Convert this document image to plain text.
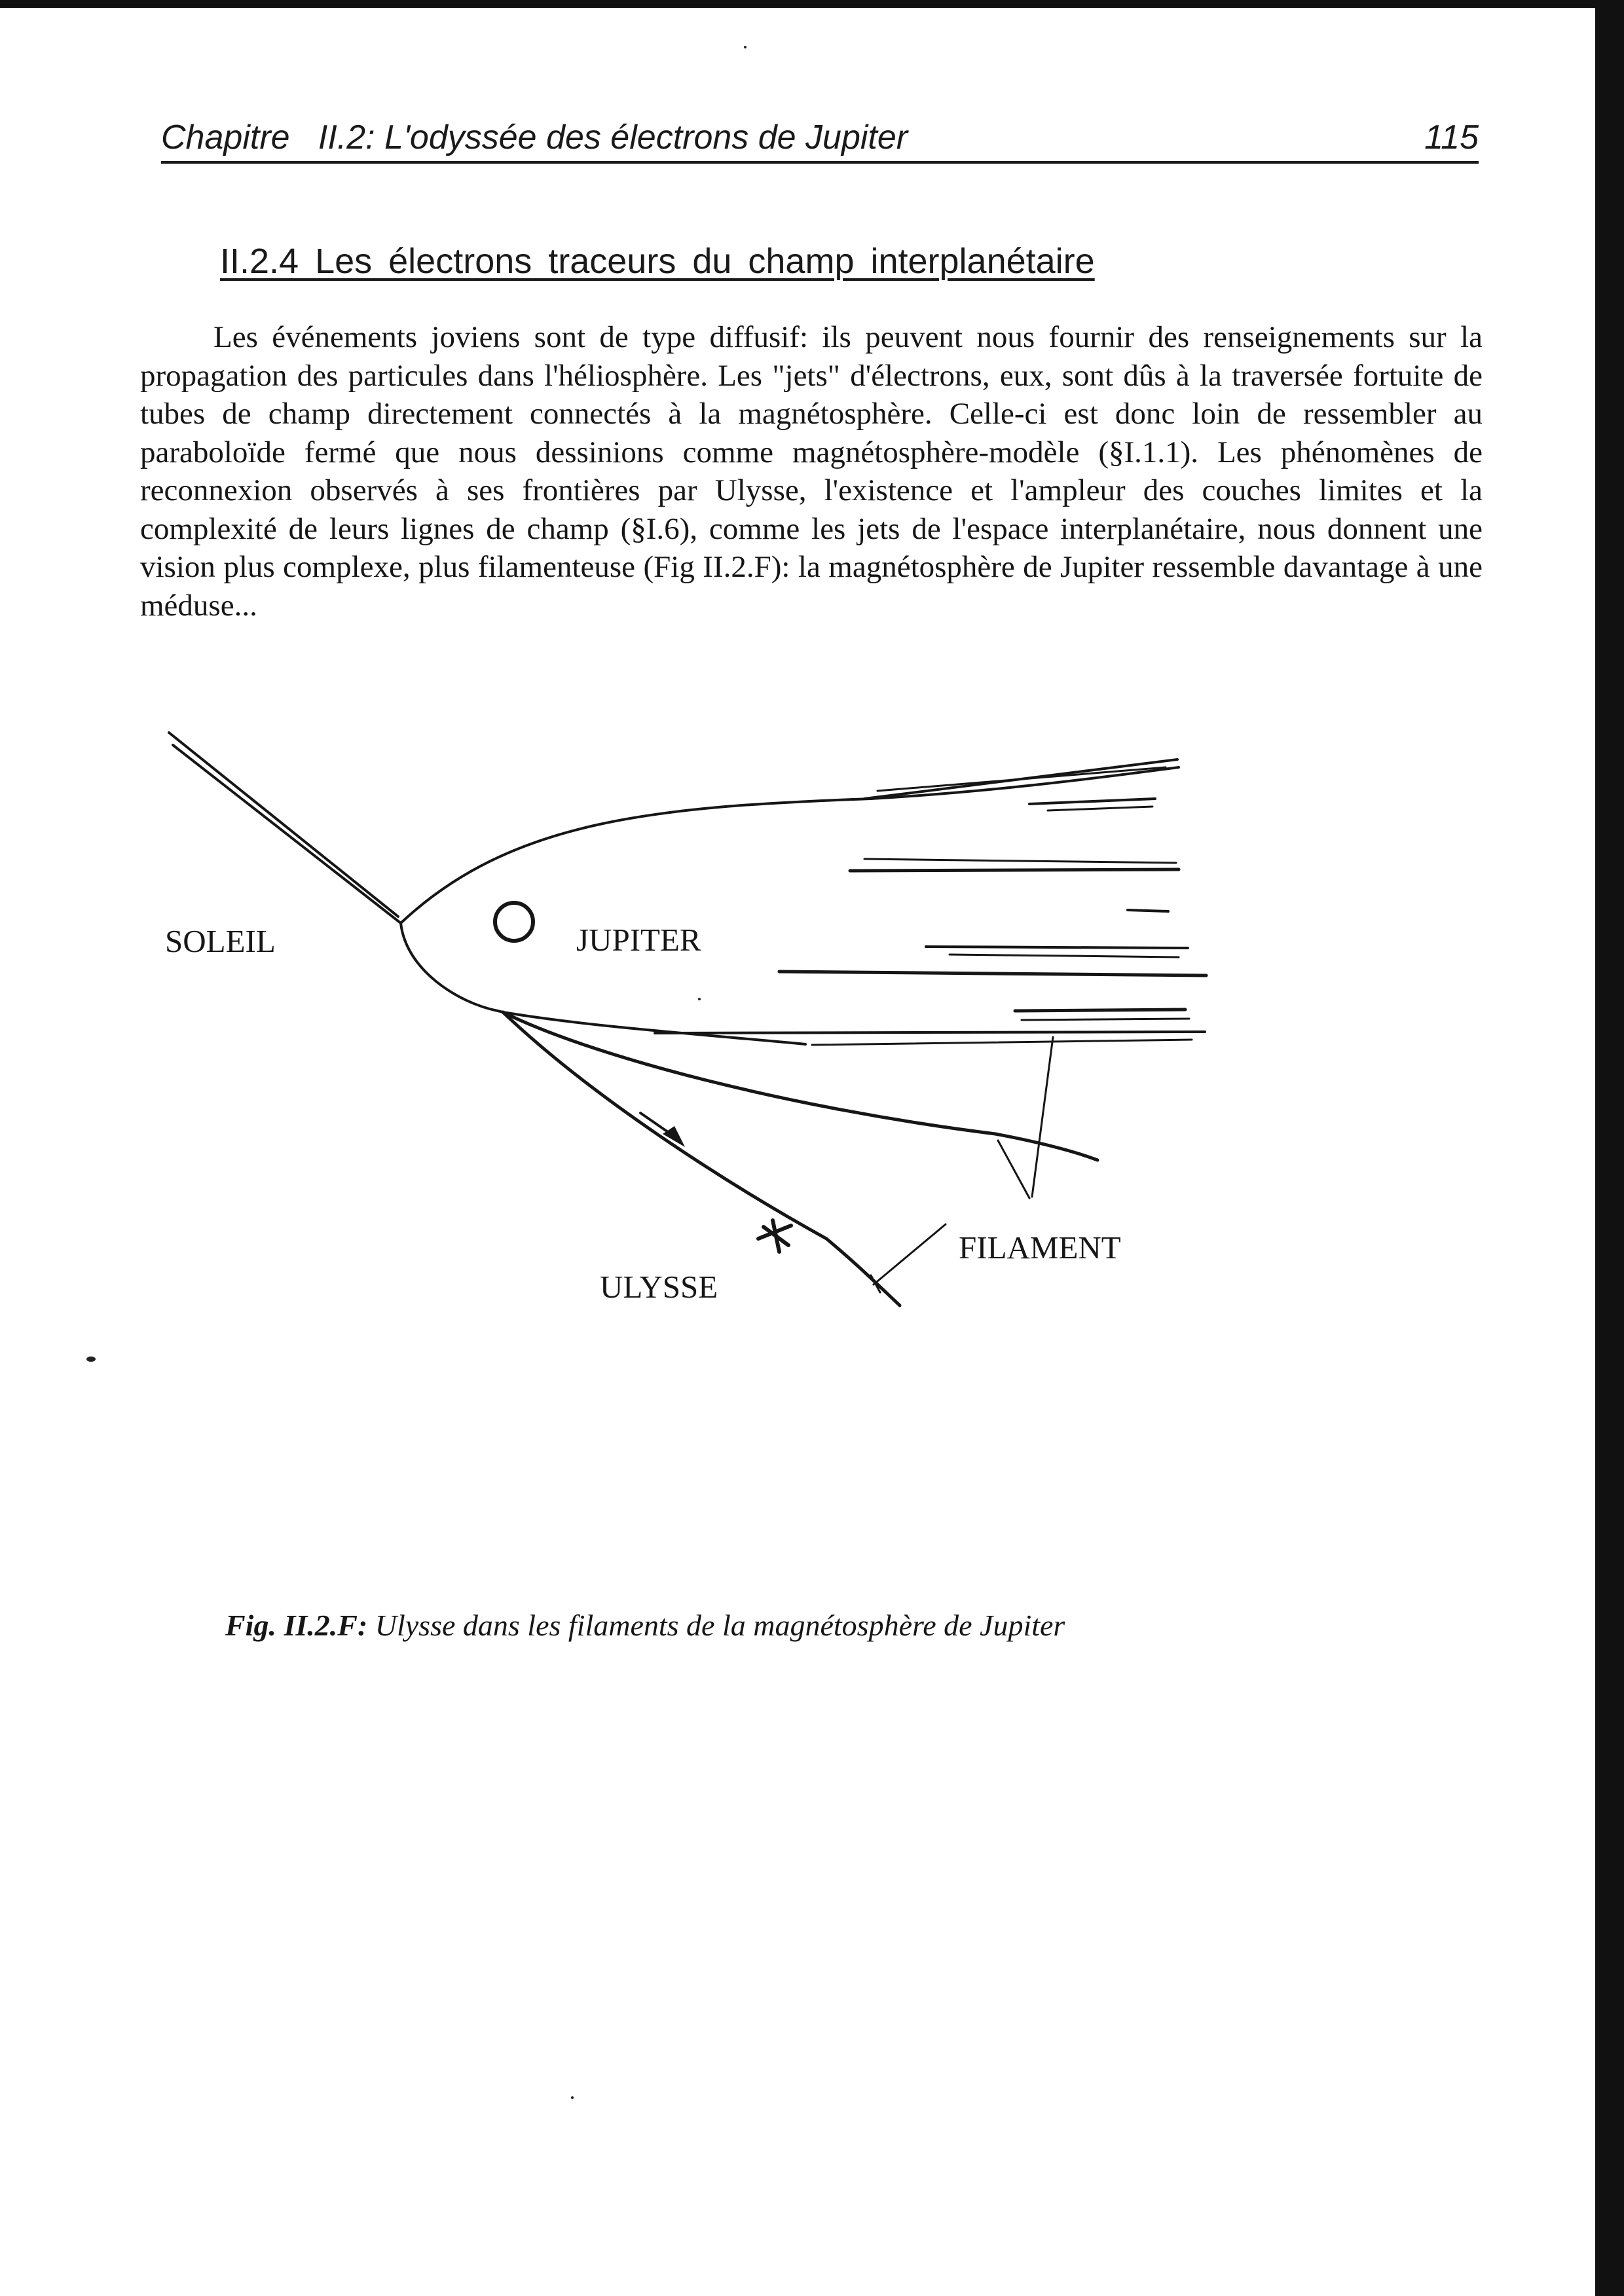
Chapitre   II.2: L'odyssée des électrons de Jupiter	115
II.2.4 Les électrons traceurs du champ interplanétaire

Les événements joviens sont de type diffusif: ils peuvent nous fournir des renseignements sur la propagation des particules dans l'héliosphère. Les "jets" d'électrons, eux, sont dûs à la traversée fortuite de tubes de champ directement connectés à la magnétosphère. Celle-ci est donc loin de ressembler au paraboloïde fermé que nous dessinions comme magnétosphère-modèle (§I.1.1). Les phénomènes de reconnexion observés à ses frontières par Ulysse, l'existence et l'ampleur des couches limites et la complexité de leurs lignes de champ (§I.6), comme les jets de l'espace interplanétaire, nous donnent une vision plus complexe, plus filamenteuse (Fig II.2.F): la magnétosphère de Jupiter ressemble davantage à une méduse...

SOLEIL	JUPITER
ULYSSE
FILAMENT
Fig. II.2.F: Ulysse dans les filaments de la magnétosphère de Jupiter
